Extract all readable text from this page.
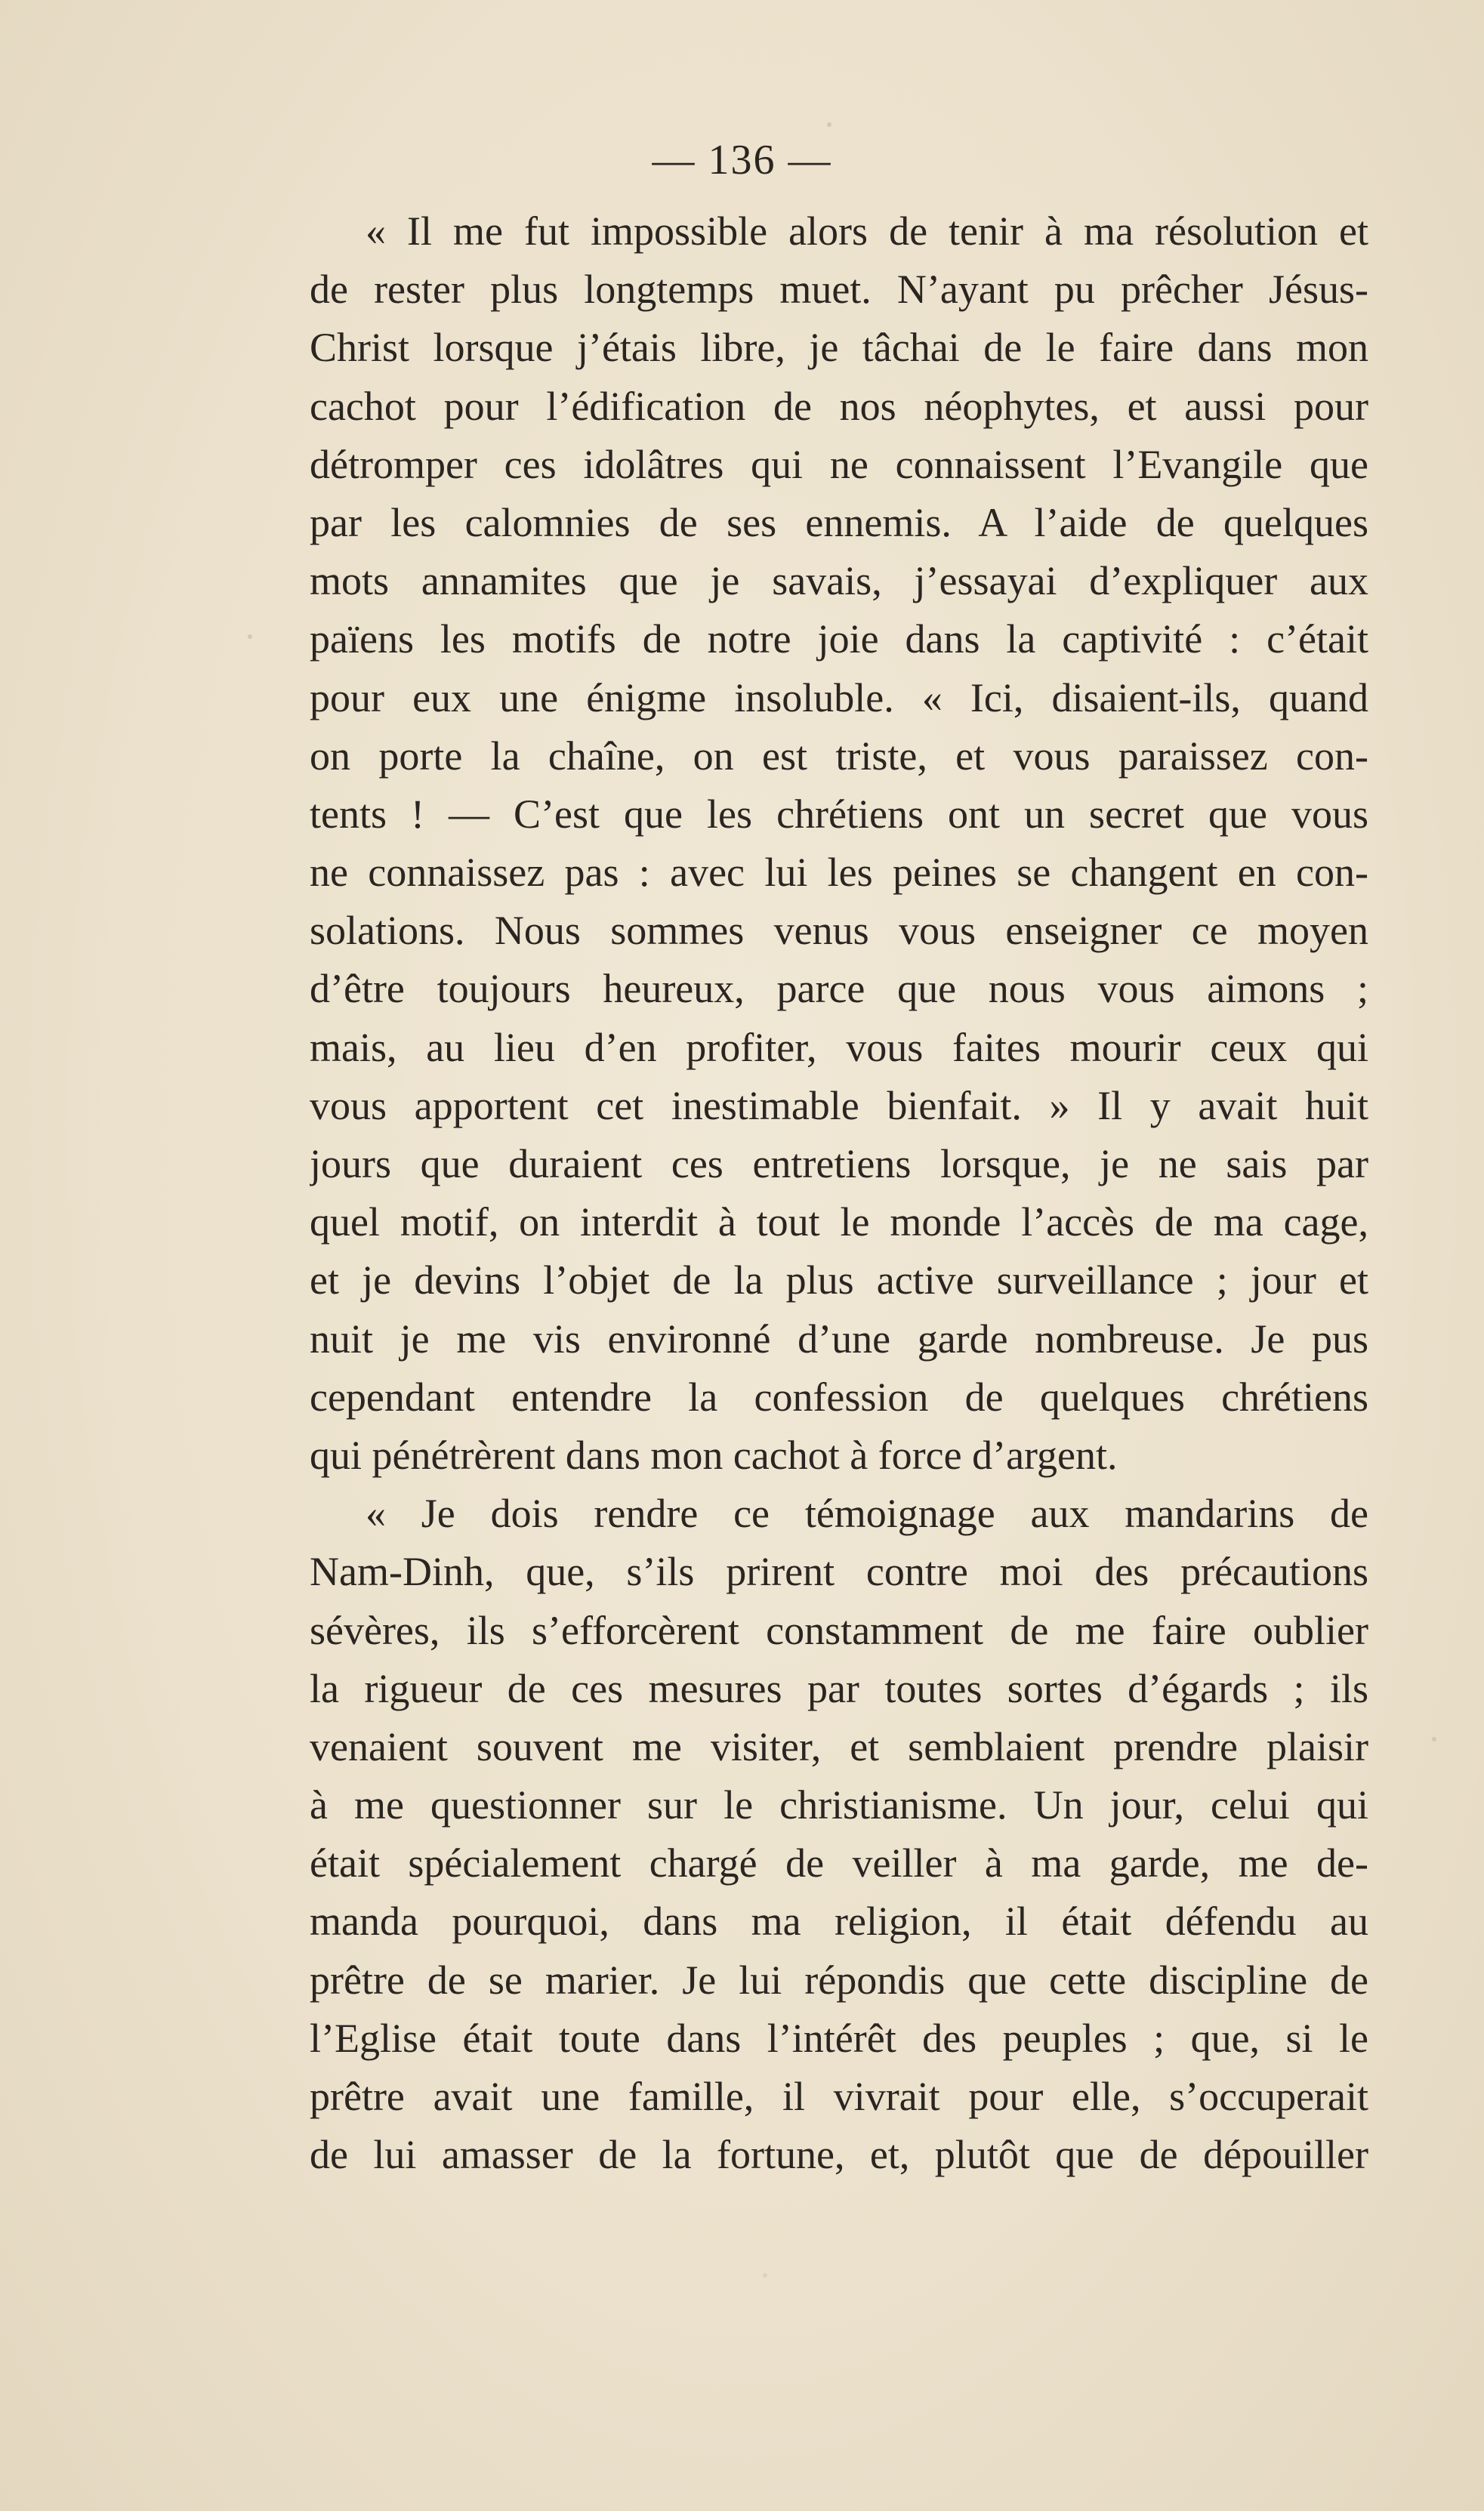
— 136 —
« Il me fut impossible alors de tenir à ma résolution et
de rester plus longtemps muet. N’ayant pu prêcher Jésus-
Christ lorsque j’étais libre, je tâchai de le faire dans mon
cachot pour l’édification de nos néophytes, et aussi pour
détromper ces idolâtres qui ne connaissent l’Evangile que
par les calomnies de ses ennemis. A l’aide de quelques
mots annamites que je savais, j’essayai d’expliquer aux
païens les motifs de notre joie dans la captivité : c’était
pour eux une énigme insoluble. « Ici, disaient-ils, quand
on porte la chaîne, on est triste, et vous paraissez con-
tents ! — C’est que les chrétiens ont un secret que vous
ne connaissez pas : avec lui les peines se changent en con-
solations. Nous sommes venus vous enseigner ce moyen
d’être toujours heureux, parce que nous vous aimons ;
mais, au lieu d’en profiter, vous faites mourir ceux qui
vous apportent cet inestimable bienfait. » Il y avait huit
jours que duraient ces entretiens lorsque, je ne sais par
quel motif, on interdit à tout le monde l’accès de ma cage,
et je devins l’objet de la plus active surveillance ; jour et
nuit je me vis environné d’une garde nombreuse. Je pus
cependant entendre la confession de quelques chrétiens
qui pénétrèrent dans mon cachot à force d’argent.
« Je dois rendre ce témoignage aux mandarins de
Nam-Dinh, que, s’ils prirent contre moi des précautions
sévères, ils s’efforcèrent constamment de me faire oublier
la rigueur de ces mesures par toutes sortes d’égards ; ils
venaient souvent me visiter, et semblaient prendre plaisir
à me questionner sur le christianisme. Un jour, celui qui
était spécialement chargé de veiller à ma garde, me de-
manda pourquoi, dans ma religion, il était défendu au
prêtre de se marier. Je lui répondis que cette discipline de
l’Eglise était toute dans l’intérêt des peuples ; que, si le
prêtre avait une famille, il vivrait pour elle, s’occuperait
de lui amasser de la fortune, et, plutôt que de dépouiller
